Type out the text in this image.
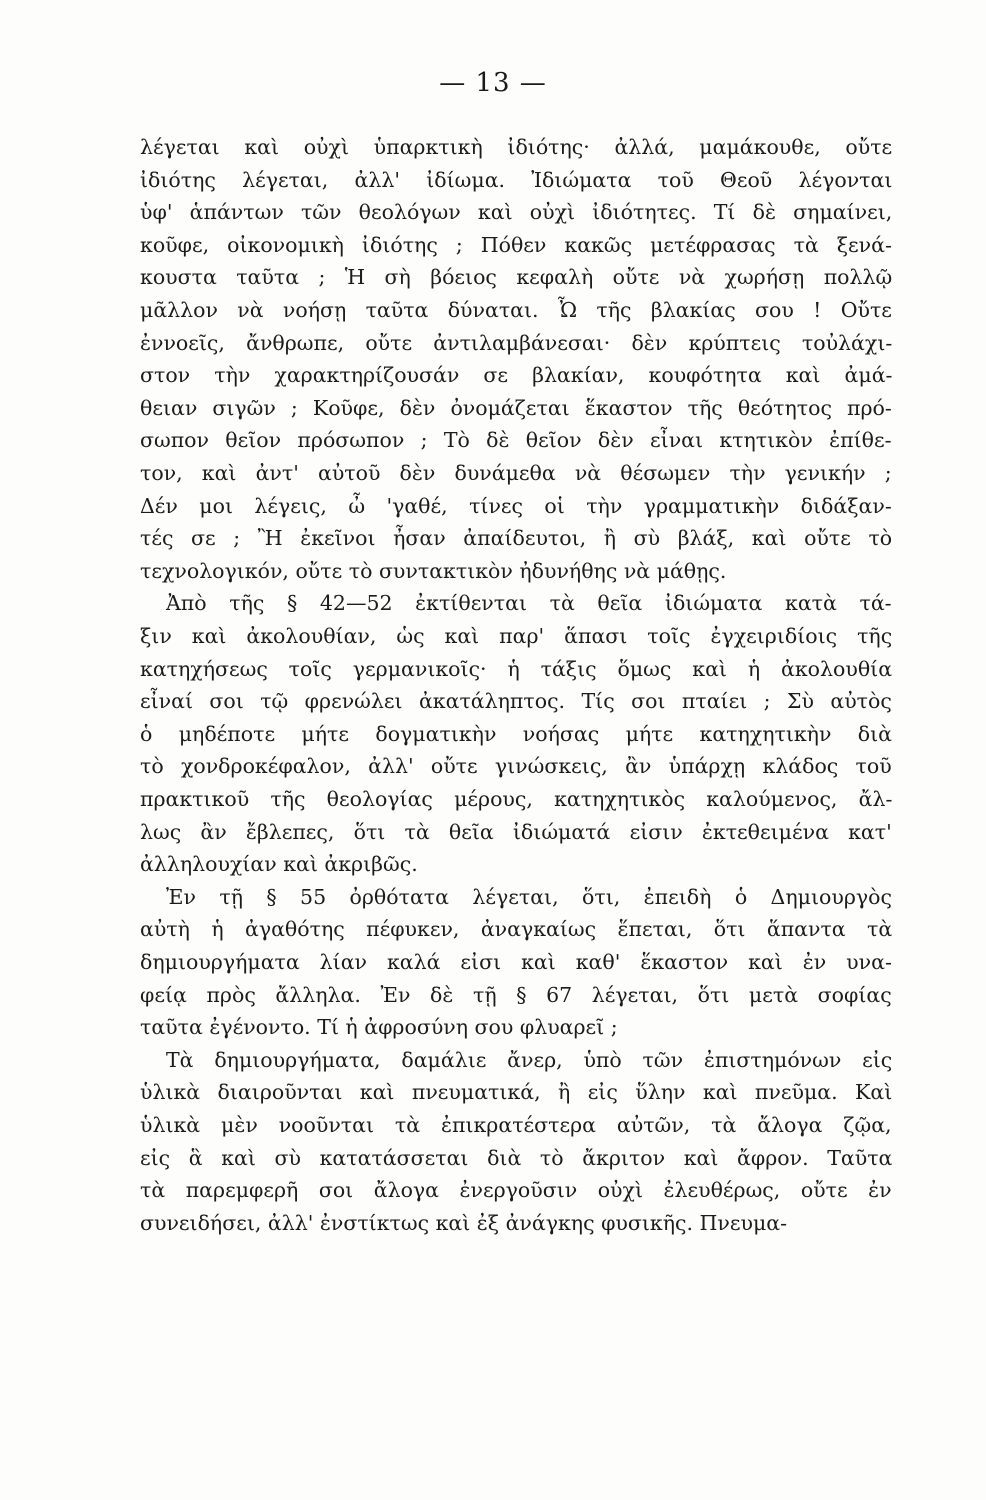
— 13 —
λέγεται καὶ οὐχὶ ὑπαρκτικὴ ἰδιότης· ἀλλά, μαμάκουθε, οὔτε
ἰδιότης λέγεται, ἀλλ' ἰδίωμα. Ἰδιώματα τοῦ Θεοῦ λέγονται
ὑφ' ἁπάντων τῶν θεολόγων καὶ οὐχὶ ἰδιότητες. Τί δὲ σημαίνει,
κοῦφε, οἰκονομικὴ ἰδιότης ; Πόθεν κακῶς μετέφρασας τὰ ξενά-
κουστα ταῦτα ; Ἡ σὴ βόειος κεφαλὴ οὔτε νὰ χωρήσῃ πολλῷ
μᾶλλον νὰ νοήσῃ ταῦτα δύναται. Ὦ τῆς βλακίας σου ! Οὔτε
ἐννοεῖς, ἄνθρωπε, οὔτε ἀντιλαμβάνεσαι· δὲν κρύπτεις τοὐλάχι-
στον τὴν χαρακτηρίζουσάν σε βλακίαν, κουφότητα καὶ ἀμά-
θειαν σιγῶν ; Κοῦφε, δὲν ὀνομάζεται ἕκαστον τῆς θεότητος πρό-
σωπον θεῖον πρόσωπον ; Τὸ δὲ θεῖον δὲν εἶναι κτητικὸν ἐπίθε-
τον, καὶ ἀντ' αὐτοῦ δὲν δυνάμεθα νὰ θέσωμεν τὴν γενικήν ;
Δέν μοι λέγεις, ὦ 'γαθέ, τίνες οἱ τὴν γραμματικὴν διδάξαν-
τές σε ; Ἢ ἐκεῖνοι ἦσαν ἀπαίδευτοι, ἢ σὺ βλάξ, καὶ οὔτε τὸ
τεχνολογικόν, οὔτε τὸ συντακτικὸν ἠδυνήθης νὰ μάθῃς.
Ἀπὸ τῆς § 42—52 ἐκτίθενται τὰ θεῖα ἰδιώματα κατὰ τά-
ξιν καὶ ἀκολουθίαν, ὡς καὶ παρ' ἅπασι τοῖς ἐγχειριδίοις τῆς
κατηχήσεως τοῖς γερμανικοῖς· ἡ τάξις ὅμως καὶ ἡ ἀκολουθία
εἶναί σοι τῷ φρενώλει ἀκατάληπτος. Τίς σοι πταίει ; Σὺ αὐτὸς
ὁ μηδέποτε μήτε δογματικὴν νοήσας μήτε κατηχητικὴν διὰ
τὸ χονδροκέφαλον, ἀλλ' οὔτε γινώσκεις, ἂν ὑπάρχῃ κλάδος τοῦ
πρακτικοῦ τῆς θεολογίας μέρους, κατηχητικὸς καλούμενος, ἄλ-
λως ἂν ἔβλεπες, ὅτι τὰ θεῖα ἰδιώματά εἰσιν ἐκτεθειμένα κατ'
ἀλληλουχίαν καὶ ἀκριβῶς.
Ἐν τῇ § 55 ὀρθότατα λέγεται, ὅτι, ἐπειδὴ ὁ Δημιουργὸς
αὐτὴ ἡ ἀγαθότης πέφυκεν, ἀναγκαίως ἕπεται, ὅτι ἅπαντα τὰ
δημιουργήματα λίαν καλά εἰσι καὶ καθ' ἕκαστον καὶ ἐν υνα-
φείᾳ πρὸς ἄλληλα. Ἐν δὲ τῇ § 67 λέγεται, ὅτι μετὰ σοφίας
ταῦτα ἐγένοντο. Τί ἡ ἀφροσύνη σου φλυαρεῖ ;
Τὰ δημιουργήματα, δαμάλιε ἄνερ, ὑπὸ τῶν ἐπιστημόνων εἰς
ὑλικὰ διαιροῦνται καὶ πνευματικά, ἢ εἰς ὕλην καὶ πνεῦμα. Καὶ
ὑλικὰ μὲν νοοῦνται τὰ ἐπικρατέστερα αὐτῶν, τὰ ἄλογα ζῷα,
εἰς ἃ καὶ σὺ κατατάσσεται διὰ τὸ ἄκριτον καὶ ἄφρον. Ταῦτα
τὰ παρεμφερῆ σοι ἄλογα ἐνεργοῦσιν οὐχὶ ἐλευθέρως, οὔτε ἐν
συνειδήσει, ἀλλ' ἐνστίκτως καὶ ἐξ ἀνάγκης φυσικῆς. Πνευμα-
